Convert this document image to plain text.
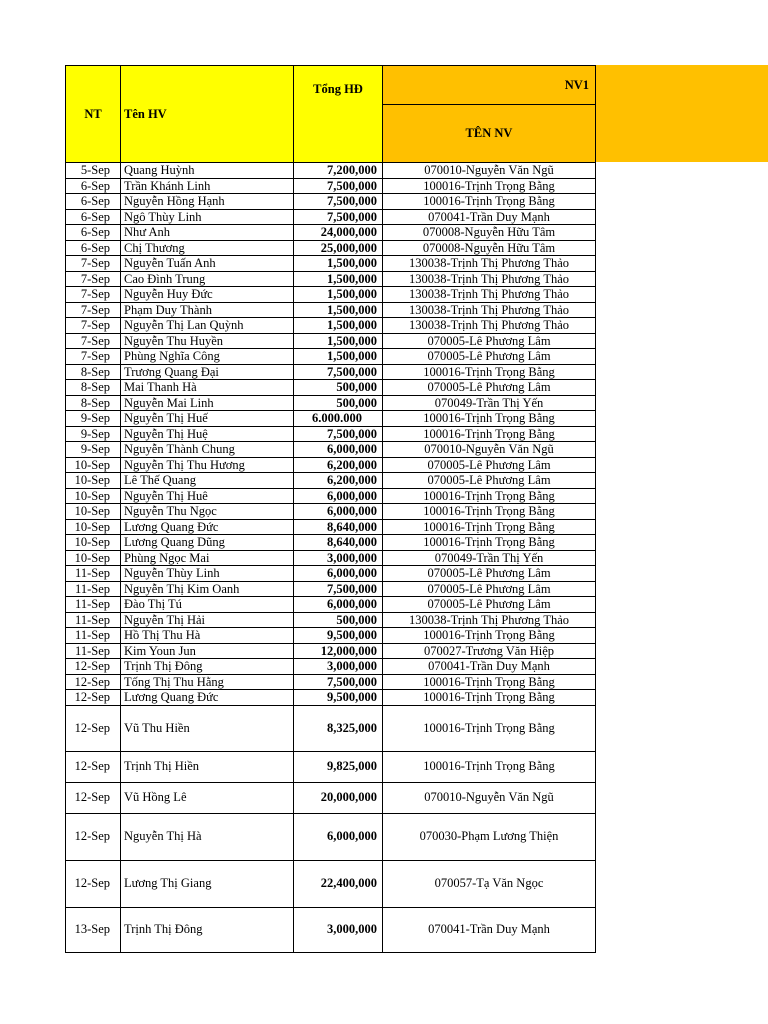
NT	Tên HV	Tổng HĐ	NV1
			TÊN NV
5-Sep	Quang Huỳnh	7,200,000	070010-Nguyễn Văn Ngũ
6-Sep	Trần Khánh Linh	7,500,000	100016-Trịnh Trọng Bằng
6-Sep	Nguyễn Hồng Hạnh	7,500,000	100016-Trịnh Trọng Bằng
6-Sep	Ngô Thùy Linh	7,500,000	070041-Trần Duy Mạnh
6-Sep	Như Anh	24,000,000	070008-Nguyễn Hữu Tâm
6-Sep	Chị Thương	25,000,000	070008-Nguyễn Hữu Tâm
7-Sep	Nguyễn Tuấn Anh	1,500,000	130038-Trịnh Thị Phương Thảo
7-Sep	Cao Đình Trung	1,500,000	130038-Trịnh Thị Phương Thảo
7-Sep	Nguyễn Huy Đức	1,500,000	130038-Trịnh Thị Phương Thảo
7-Sep	Phạm Duy Thành	1,500,000	130038-Trịnh Thị Phương Thảo
7-Sep	Nguyễn Thị Lan Quỳnh	1,500,000	130038-Trịnh Thị Phương Thảo
7-Sep	Nguyễn Thu Huyền	1,500,000	070005-Lê Phương Lâm
7-Sep	Phùng Nghĩa Công	1,500,000	070005-Lê Phương Lâm
8-Sep	Trương Quang Đại	7,500,000	100016-Trịnh Trọng Bằng
8-Sep	Mai Thanh Hà	500,000	070005-Lê Phương Lâm
8-Sep	Nguyễn Mai Linh	500,000	070049-Trần Thị Yến
9-Sep	Nguyễn Thị Huế	6.000.000	100016-Trịnh Trọng Bằng
9-Sep	Nguyễn Thị Huệ	7,500,000	100016-Trịnh Trọng Bằng
9-Sep	Nguyễn Thành Chung	6,000,000	070010-Nguyễn Văn Ngũ
10-Sep	Nguyễn Thị Thu Hương	6,200,000	070005-Lê Phương Lâm
10-Sep	Lê Thế Quang	6,200,000	070005-Lê Phương Lâm
10-Sep	Nguyễn Thị Huê	6,000,000	100016-Trịnh Trọng Bằng
10-Sep	Nguyễn Thu Ngọc	6,000,000	100016-Trịnh Trọng Bằng
10-Sep	Lương Quang Đức	8,640,000	100016-Trịnh Trọng Bằng
10-Sep	Lương Quang Dũng	8,640,000	100016-Trịnh Trọng Bằng
10-Sep	Phùng Ngọc Mai	3,000,000	070049-Trần Thị Yến
11-Sep	Nguyễn Thùy Linh	6,000,000	070005-Lê Phương Lâm
11-Sep	Nguyễn Thị Kim Oanh	7,500,000	070005-Lê Phương Lâm
11-Sep	Đào Thị Tú	6,000,000	070005-Lê Phương Lâm
11-Sep	Nguyễn Thị Hải	500,000	130038-Trịnh Thị Phương Thảo
11-Sep	Hồ Thị Thu Hà	9,500,000	100016-Trịnh Trọng Bằng
11-Sep	Kim Youn Jun	12,000,000	070027-Trương Văn Hiệp
12-Sep	Trịnh Thị Đông	3,000,000	070041-Trần Duy Mạnh
12-Sep	Tống Thị Thu Hằng	7,500,000	100016-Trịnh Trọng Bằng
12-Sep	Lương Quang Đức	9,500,000	100016-Trịnh Trọng Bằng
12-Sep	Vũ Thu Hiền	8,325,000	100016-Trịnh Trọng Bằng
12-Sep	Trịnh Thị Hiền	9,825,000	100016-Trịnh Trọng Bằng
12-Sep	Vũ Hồng Lê	20,000,000	070010-Nguyễn Văn Ngũ
12-Sep	Nguyễn Thị Hà	6,000,000	070030-Phạm Lương Thiện
12-Sep	Lương Thị Giang	22,400,000	070057-Tạ Văn Ngọc
13-Sep	Trịnh Thị Đông	3,000,000	070041-Trần Duy Mạnh
